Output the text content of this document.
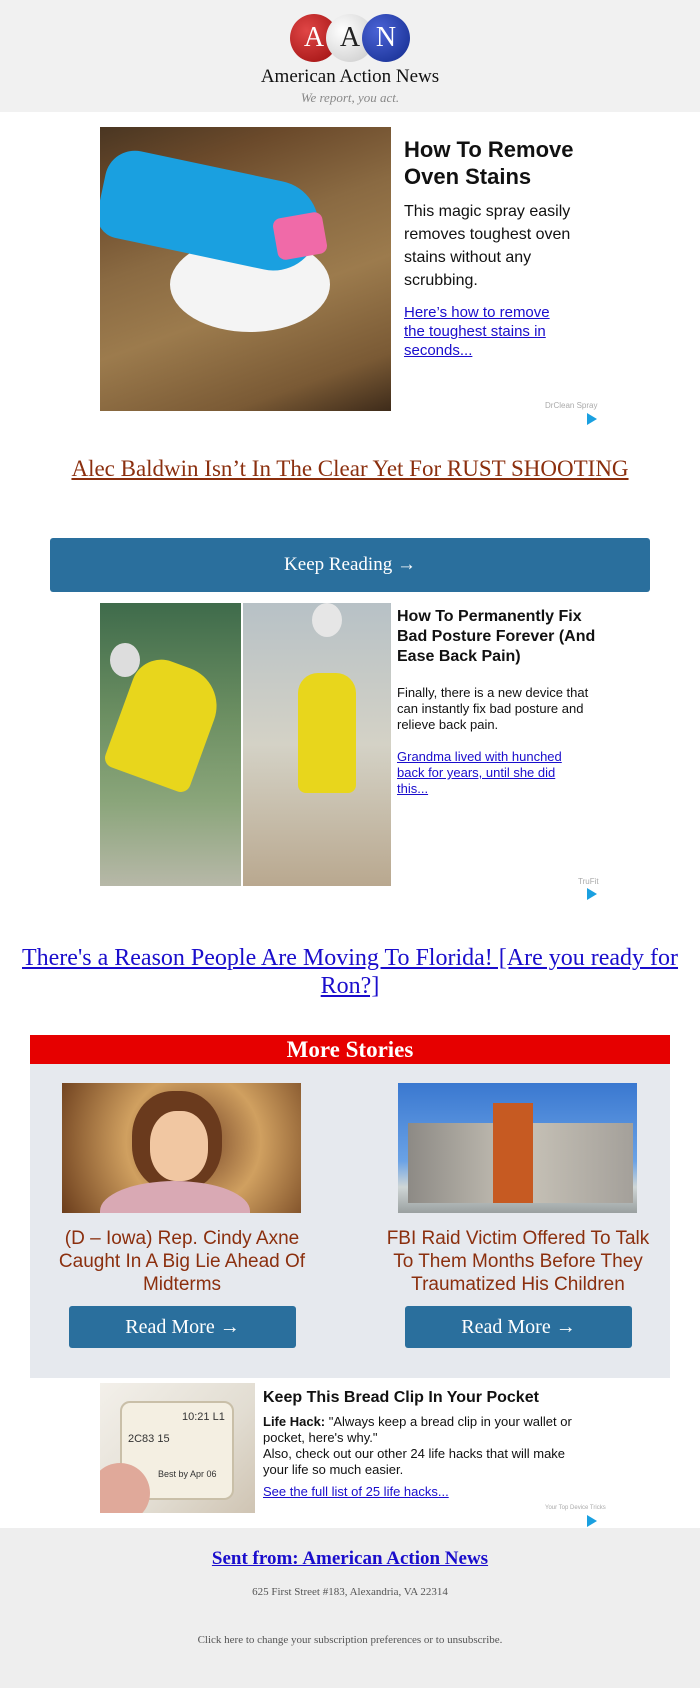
A A N
American Action News
We report, you act.
How To Remove Oven Stains
This magic spray easily removes toughest oven stains without any scrubbing.
Here’s how to remove the toughest stains in seconds...
DrClean Spray
Alec Baldwin Isn’t In The Clear Yet For RUST SHOOTING
Keep Reading →
How To Permanently Fix Bad Posture Forever (And Ease Back Pain)
Finally, there is a new device that can instantly fix bad posture and relieve back pain.
Grandma lived with hunched back for years, until she did this...
TruFit
There's a Reason People Are Moving To Florida! [Are you ready for Ron?]
More Stories
(D – Iowa) Rep. Cindy Axne Caught In A Big Lie Ahead Of Midterms
Read More →
FBI Raid Victim Offered To Talk To Them Months Before They Traumatized His Children
Read More →
10:21 L1
2C83 15
Best by Apr 06
Keep This Bread Clip In Your Pocket
Life Hack: "Always keep a bread clip in your wallet or pocket, here's why."
Also, check out our other 24 life hacks that will make your life so much easier.
See the full list of 25 life hacks...
Your Top Device Tricks
Sent from: American Action News
625 First Street #183, Alexandria, VA 22314
Click here to change your subscription preferences or to unsubscribe.
